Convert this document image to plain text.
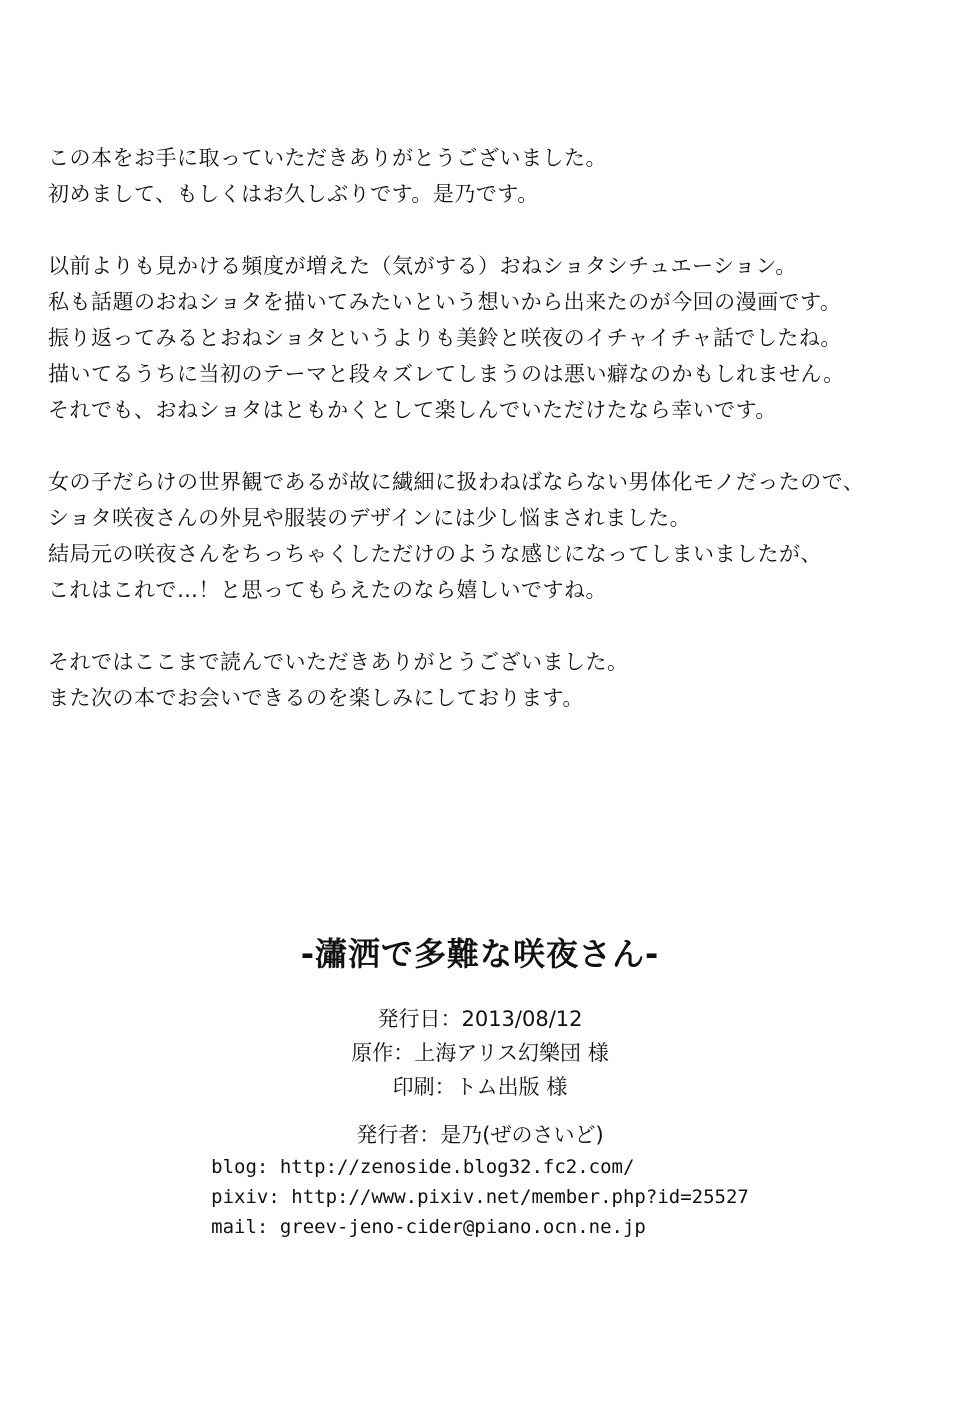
この本をお手に取っていただきありがとうございました。
初めまして、もしくはお久しぶりです。是乃です。
以前よりも見かける頻度が増えた（気がする）おねショタシチュエーション。
私も話題のおねショタを描いてみたいという想いから出来たのが今回の漫画です。
振り返ってみるとおねショタというよりも美鈴と咲夜のイチャイチャ話でしたね。
描いてるうちに当初のテーマと段々ズレてしまうのは悪い癖なのかもしれません。
それでも、おねショタはともかくとして楽しんでいただけたなら幸いです。
女の子だらけの世界観であるが故に繊細に扱わねばならない男体化モノだったので、
ショタ咲夜さんの外見や服装のデザインには少し悩まされました。
結局元の咲夜さんをちっちゃくしただけのような感じになってしまいましたが、
これはこれで…！と思ってもらえたのなら嬉しいですね。
それではここまで読んでいただきありがとうございました。
また次の本でお会いできるのを楽しみにしております。
-瀟洒で多難な咲夜さん-
発行日：2013/08/12
原作：上海アリス幻樂団 様
印刷：トム出版 様
発行者：是乃(ぜのさいど)
blog: http://zenoside.blog32.fc2.com/
pixiv: http://www.pixiv.net/member.php?id=25527
mail: greev-jeno-cider@piano.ocn.ne.jp
